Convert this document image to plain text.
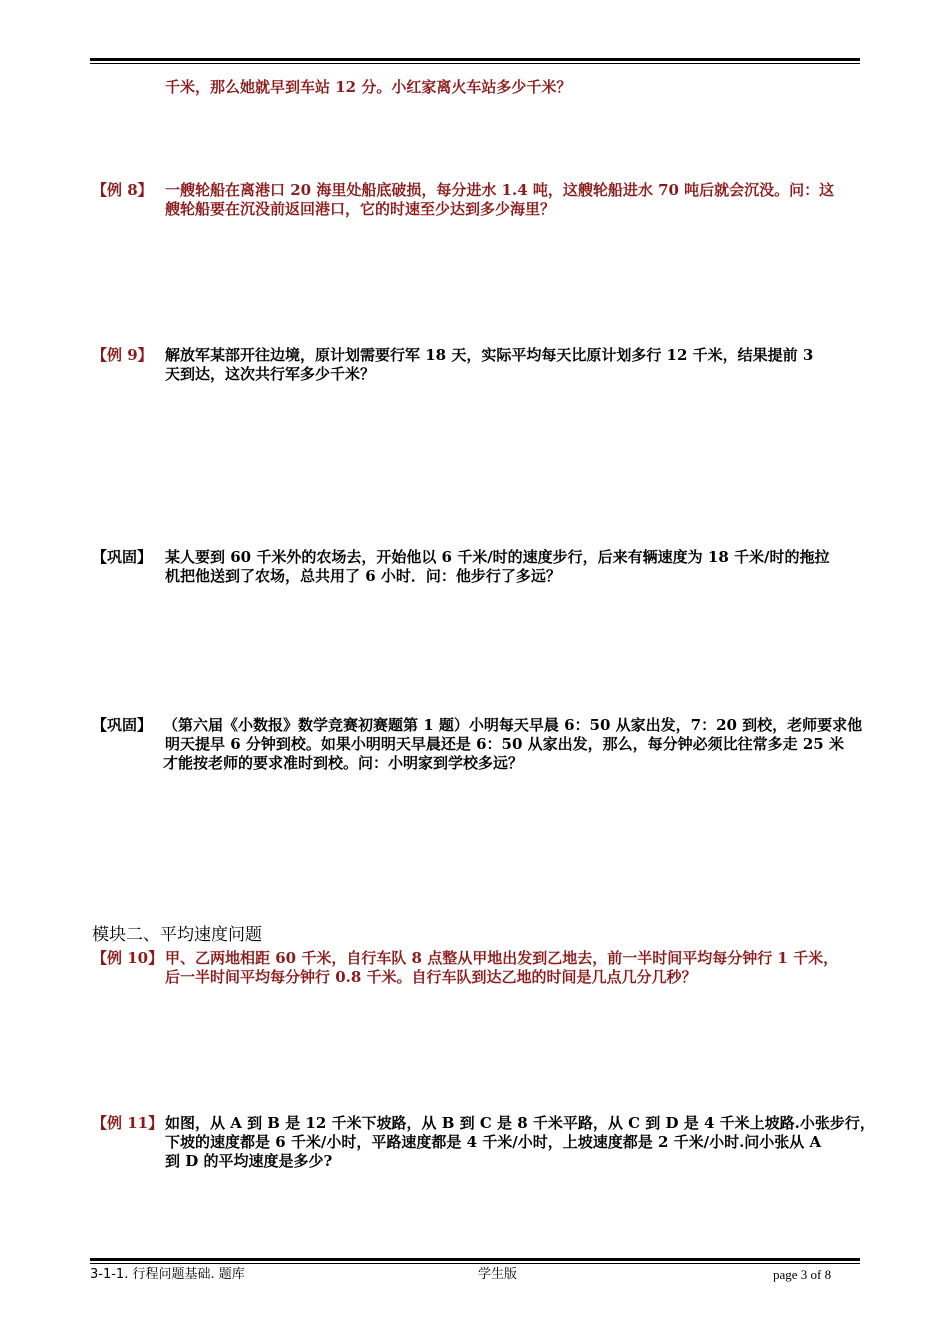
千米，那么她就早到车站 12 分。小红家离火车站多少千米？
【例 8】 一艘轮船在离港口 20 海里处船底破损，每分进水 1.4 吨，这艘轮船进水 70 吨后就会沉没。问：这
艘轮船要在沉没前返回港口，它的时速至少达到多少海里？
【例 9】 解放军某部开往边境，原计划需要行军 18 天，实际平均每天比原计划多行 12 千米，结果提前 3
天到达，这次共行军多少千米？
【巩固】 某人要到 60 千米外的农场去，开始他以 6 千米/时的速度步行，后来有辆速度为 18 千米/时的拖拉
机把他送到了农场，总共用了 6 小时．问：他步行了多远？
【巩固】 （第六届《小数报》数学竞赛初赛题第 1 题）小明每天早晨 6：50 从家出发，7：20 到校，老师要求他
明天提早 6 分钟到校。如果小明明天早晨还是 6：50 从家出发，那么，每分钟必须比往常多走 25 米
才能按老师的要求准时到校。问：小明家到学校多远？
模块二、平均速度问题
【例 10】 甲、乙两地相距 60 千米，自行车队 8 点整从甲地出发到乙地去，前一半时间平均每分钟行 1 千米，
后一半时间平均每分钟行 0.8 千米。自行车队到达乙地的时间是几点几分几秒？
【例 11】 如图，从 A 到 B 是 12 千米下坡路，从 B 到 C 是 8 千米平路，从 C 到 D 是 4 千米上坡路.小张步行，
下坡的速度都是 6 千米/小时，平路速度都是 4 千米/小时，上坡速度都是 2 千米/小时.问小张从 A
到 D 的平均速度是多少?
3-1-1. 行程问题基础. 题库	学生版	page 3 of 8
